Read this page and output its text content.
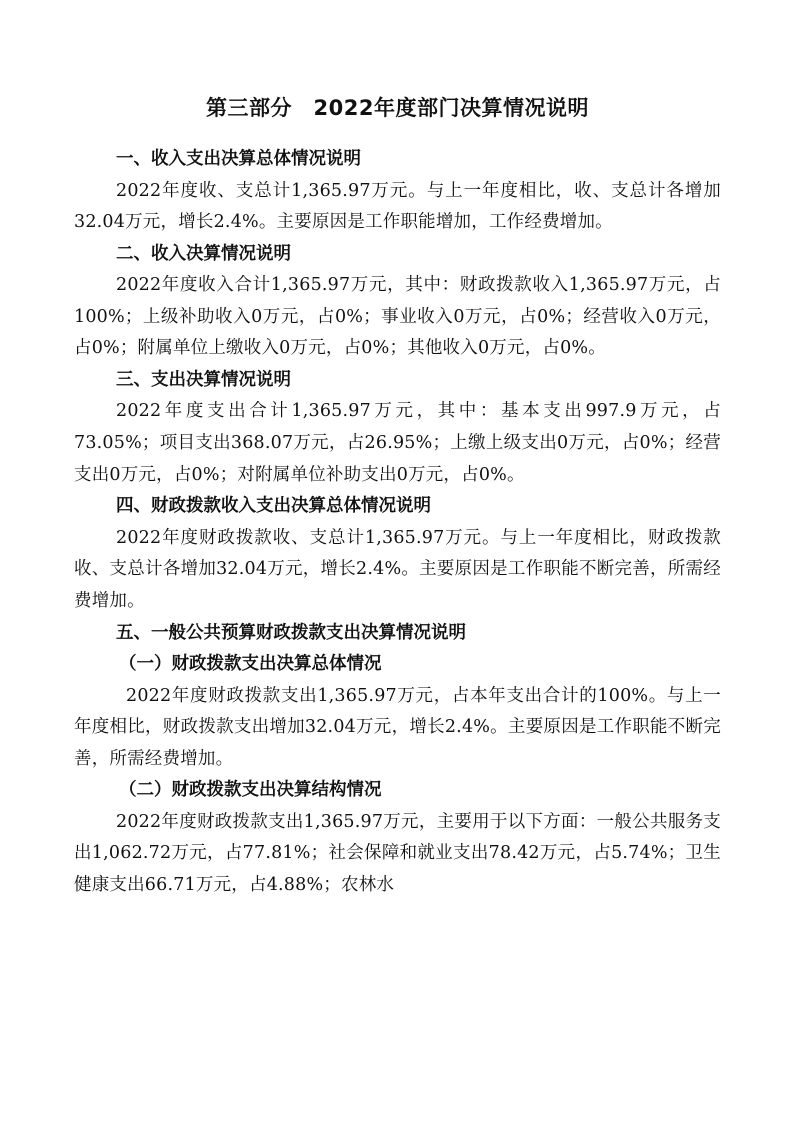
第三部分　2022年度部门决算情况说明
一、收入支出决算总体情况说明

2022年度收、支总计1,365.97万元。与上一年度相比，收、支总计各增加32.04万元，增长2.4%。主要原因是工作职能增加，工作经费增加。

二、收入决算情况说明

2022年度收入合计1,365.97万元，其中：财政拨款收入1,365.97万元，占100%；上级补助收入0万元，占0%；事业收入0万元，占0%；经营收入0万元，占0%；附属单位上缴收入0万元，占0%；其他收入0万元，占0%。

三、支出决算情况说明

2022年度支出合计1,365.97万元，其中：基本支出997.9万元，占73.05%；项目支出368.07万元，占26.95%；上缴上级支出0万元，占0%；经营支出0万元，占0%；对附属单位补助支出0万元，占0%。

四、财政拨款收入支出决算总体情况说明

2022年度财政拨款收、支总计1,365.97万元。与上一年度相比，财政拨款收、支总计各增加32.04万元，增长2.4%。主要原因是工作职能不断完善，所需经费增加。

五、一般公共预算财政拨款支出决算情况说明
（一）财政拨款支出决算总体情况

2022年度财政拨款支出1,365.97万元，占本年支出合计的100%。与上一年度相比，财政拨款支出增加32.04万元，增长2.4%。主要原因是工作职能不断完善，所需经费增加。

（二）财政拨款支出决算结构情况

2022年度财政拨款支出1,365.97万元，主要用于以下方面：一般公共服务支出1,062.72万元，占77.81%；社会保障和就业支出78.42万元，占5.74%；卫生健康支出66.71万元，占4.88%；农林水
